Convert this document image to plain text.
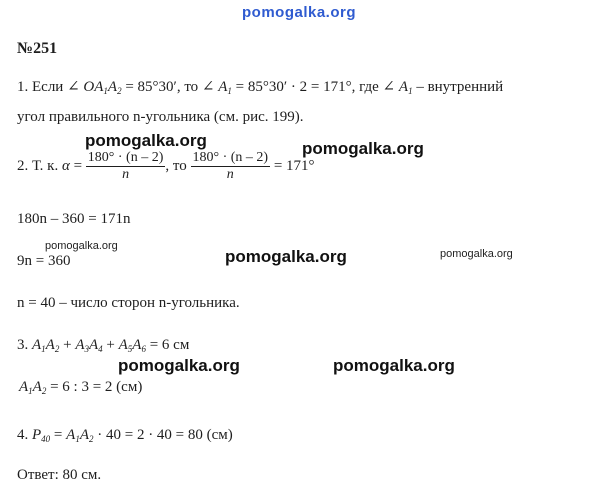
pomogalka.org
pomogalka.org	pomogalka.org
pomogalka.org
pomogalka.org	pomogalka.org
pomogalka.org	pomogalka.org
№251
1. Если ∠ $OA_1A_2 = 85^\circ 30'$, то ∠ $A_1 = 85^\circ 30' \cdot 2 = 171^\circ$, где ∠ $A_1$ – внутренний
угол правильного n-угольника (см. рис. 199).
2. Т. к. $\alpha = \frac{180^\circ \cdot (n - 2)}{n}$ , то $\frac{180^\circ \cdot (n - 2)}{n} = 171^\circ$
180n – 360 = 171n
9n = 360
n = 40 – число сторон n-угольника.
3. $A_1A_2 + A_3A_4 + A_5A_6 = 6$ см
$A_1A_2 = 6$ : 3 = 2 (см)
4. $P_{40} = A_1A_2 \cdot 40 = 2 \cdot 40 = 80$ (см)
Ответ: 80 см.
